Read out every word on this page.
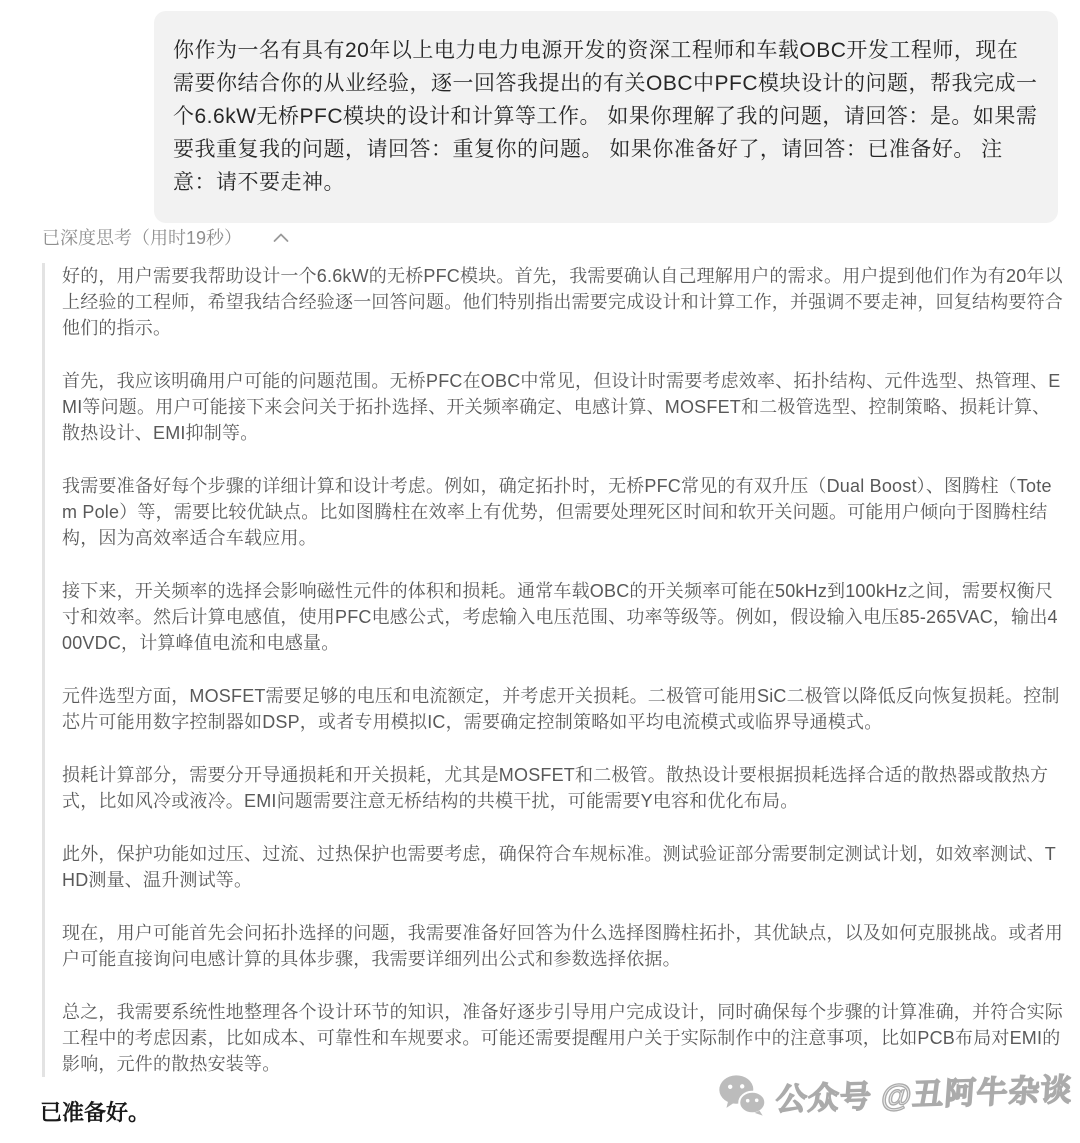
你作为一名有具有20年以上电力电力电源开发的资深工程师和车载OBC开发工程师，现在需要你结合你的从业经验，逐一回答我提出的有关OBC中PFC模块设计的问题，帮我完成一个6.6kW无桥PFC模块的设计和计算等工作。 如果你理解了我的问题，请回答：是。如果需要我重复我的问题，请回答：重复你的问题。 如果你准备好了，请回答：已准备好。 注意：请不要走神。

已深度思考（用时19秒）

好的，用户需要我帮助设计一个6.6kW的无桥PFC模块。首先，我需要确认自己理解用户的需求。用户提到他们作为有20年以上经验的工程师，希望我结合经验逐一回答问题。他们特别指出需要完成设计和计算工作，并强调不要走神，回复结构要符合他们的指示。

首先，我应该明确用户可能的问题范围。无桥PFC在OBC中常见，但设计时需要考虑效率、拓扑结构、元件选型、热管理、EMI等问题。用户可能接下来会问关于拓扑选择、开关频率确定、电感计算、MOSFET和二极管选型、控制策略、损耗计算、散热设计、EMI抑制等。

我需要准备好每个步骤的详细计算和设计考虑。例如，确定拓扑时，无桥PFC常见的有双升压（Dual Boost）、图腾柱（Totem Pole）等，需要比较优缺点。比如图腾柱在效率上有优势，但需要处理死区时间和软开关问题。可能用户倾向于图腾柱结构，因为高效率适合车载应用。

接下来，开关频率的选择会影响磁性元件的体积和损耗。通常车载OBC的开关频率可能在50kHz到100kHz之间，需要权衡尺寸和效率。然后计算电感值，使用PFC电感公式，考虑输入电压范围、功率等级等。例如，假设输入电压85-265VAC，输出400VDC，计算峰值电流和电感量。

元件选型方面，MOSFET需要足够的电压和电流额定，并考虑开关损耗。二极管可能用SiC二极管以降低反向恢复损耗。控制芯片可能用数字控制器如DSP，或者专用模拟IC，需要确定控制策略如平均电流模式或临界导通模式。

损耗计算部分，需要分开导通损耗和开关损耗，尤其是MOSFET和二极管。散热设计要根据损耗选择合适的散热器或散热方式，比如风冷或液冷。EMI问题需要注意无桥结构的共模干扰，可能需要Y电容和优化布局。

此外，保护功能如过压、过流、过热保护也需要考虑，确保符合车规标准。测试验证部分需要制定测试计划，如效率测试、THD测量、温升测试等。

现在，用户可能首先会问拓扑选择的问题，我需要准备好回答为什么选择图腾柱拓扑，其优缺点，以及如何克服挑战。或者用户可能直接询问电感计算的具体步骤，我需要详细列出公式和参数选择依据。

总之，我需要系统性地整理各个设计环节的知识，准备好逐步引导用户完成设计，同时确保每个步骤的计算准确，并符合实际工程中的考虑因素，比如成本、可靠性和车规要求。可能还需要提醒用户关于实际制作中的注意事项，比如PCB布局对EMI的影响，元件的散热安装等。

已准备好。	公众号 @丑阿牛杂谈
